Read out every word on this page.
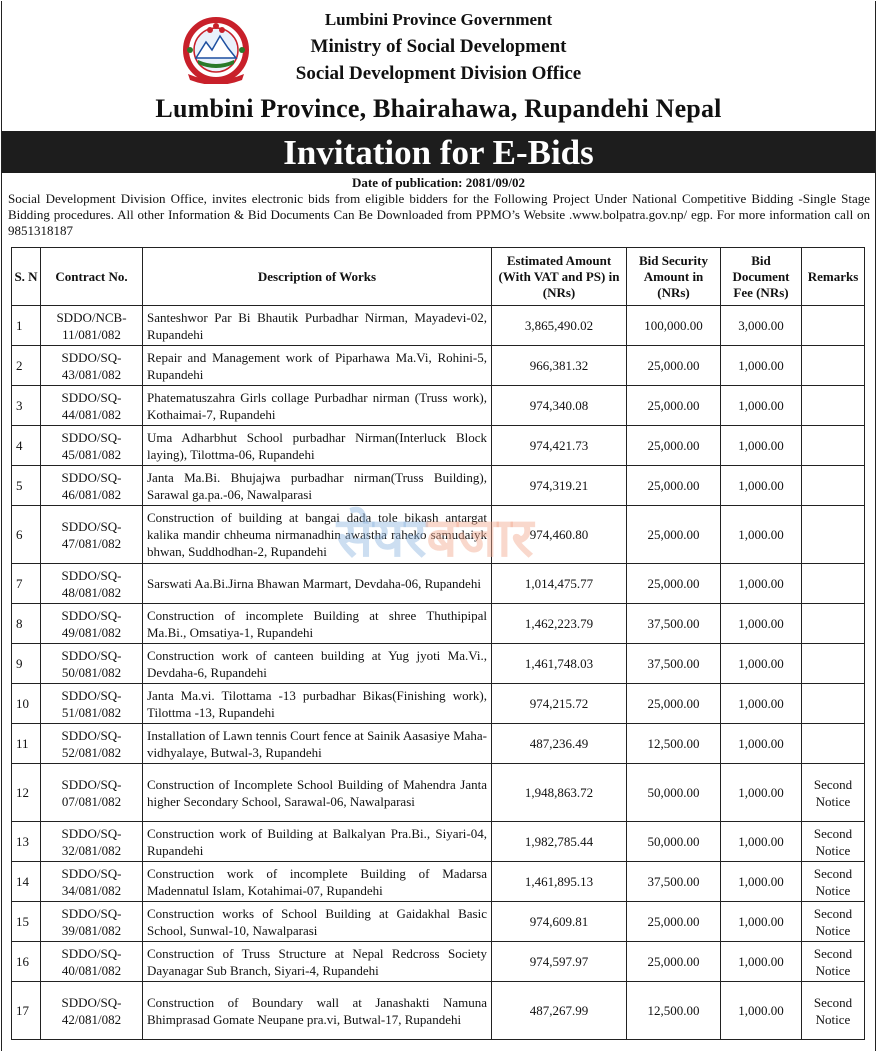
Lumbini Province Government
Ministry of Social Development
Social Development Division Office
Lumbini Province, Bhairahawa, Rupandehi Nepal
Invitation for E-Bids
Date of publication: 2081/09/02
Social Development Division Office, invites electronic bids from eligible bidders for the Following Project Under National Competitive Bidding -Single Stage Bidding procedures. All other Information & Bid Documents Can Be Downloaded from PPMO’s Website .www.bolpatra.gov.np/ egp. For more information call on 9851318187
S. N	Contract No.	Description of Works	Estimated Amount (With VAT and PS) in (NRs)	Bid Security Amount in (NRs)	Bid Document Fee (NRs)	Remarks
1	SDDO/NCB-11/081/082	Santeshwor Par Bi Bhautik Purbadhar Nirman, Mayadevi-02, Rupandehi	3,865,490.02	100,000.00	3,000.00	
2	SDDO/SQ-43/081/082	Repair and Management work of Piparhawa Ma.Vi, Rohini-5, Rupandehi	966,381.32	25,000.00	1,000.00	
3	SDDO/SQ-44/081/082	Phatematuszahra Girls collage Purbadhar nirman (Truss work), Kothaimai-7, Rupandehi	974,340.08	25,000.00	1,000.00	
4	SDDO/SQ-45/081/082	Uma Adharbhut School purbadhar Nirman(Interluck Block laying), Tilottma-06, Rupandehi	974,421.73	25,000.00	1,000.00	
5	SDDO/SQ-46/081/082	Janta Ma.Bi. Bhujajwa purbadhar nirman(Truss Building), Sarawal ga.pa.-06, Nawalparasi	974,319.21	25,000.00	1,000.00	
6	SDDO/SQ-47/081/082	Construction of building at bangai dada tole bikash antargat kalika mandir chheuma nirmanadhin awastha raheko samudaiyk bhwan, Suddhodhan-2, Rupandehi	974,460.80	25,000.00	1,000.00	
7	SDDO/SQ-48/081/082	Sarswati Aa.Bi.Jirna Bhawan Marmart, Devdaha-06, Rupandehi	1,014,475.77	25,000.00	1,000.00	
8	SDDO/SQ-49/081/082	Construction of incomplete Building at shree Thuthipipal Ma.Bi., Omsatiya-1, Rupandehi	1,462,223.79	37,500.00	1,000.00	
9	SDDO/SQ-50/081/082	Construction work of canteen building at Yug jyoti Ma.Vi., Devdaha-6, Rupandehi	1,461,748.03	37,500.00	1,000.00	
10	SDDO/SQ-51/081/082	Janta Ma.vi. Tilottama -13 purbadhar Bikas(Finishing work), Tilottma -13, Rupandehi	974,215.72	25,000.00	1,000.00	
11	SDDO/SQ-52/081/082	Installation of Lawn tennis Court fence at Sainik Aasasiye Maha-vidhyalaye, Butwal-3, Rupandehi	487,236.49	12,500.00	1,000.00	
12	SDDO/SQ-07/081/082	Construction of Incomplete School Building of Mahendra Janta higher Secondary School, Sarawal-06, Nawalparasi	1,948,863.72	50,000.00	1,000.00	Second Notice
13	SDDO/SQ-32/081/082	Construction work of Building at Balkalyan Pra.Bi., Siyari-04, Rupandehi	1,982,785.44	50,000.00	1,000.00	Second Notice
14	SDDO/SQ-34/081/082	Construction work of incomplete Building of Madarsa Madennatul Islam, Kotahimai-07, Rupandehi	1,461,895.13	37,500.00	1,000.00	Second Notice
15	SDDO/SQ-39/081/082	Construction works of School Building at Gaidakhal Basic School, Sunwal-10, Nawalparasi	974,609.81	25,000.00	1,000.00	Second Notice
16	SDDO/SQ-40/081/082	Construction of Truss Structure at Nepal Redcross Society Dayanagar Sub Branch, Siyari-4, Rupandehi	974,597.97	25,000.00	1,000.00	Second Notice
17	SDDO/SQ-42/081/082	Construction of Boundary wall at Janashakti Namuna Bhimprasad Gomate Neupane pra.vi, Butwal-17, Rupandehi	487,267.99	12,500.00	1,000.00	Second Notice
सेयरबजार
